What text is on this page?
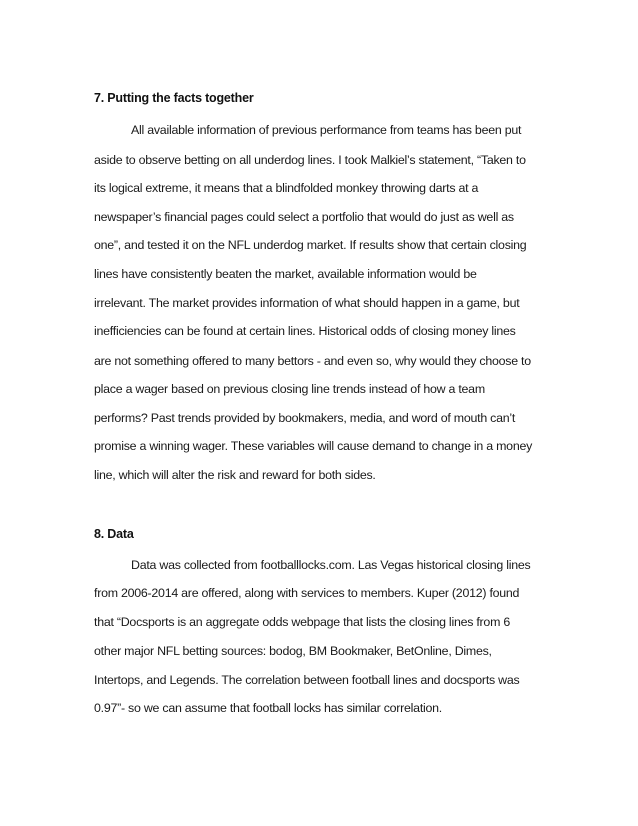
7. Putting the facts together
All available information of previous performance from teams has been put
aside to observe betting on all underdog lines. I took Malkiel’s statement, “Taken to
its logical extreme, it means that a blindfolded monkey throwing darts at a
newspaper’s financial pages could select a portfolio that would do just as well as
one”, and tested it on the NFL underdog market. If results show that certain closing
lines have consistently beaten the market, available information would be
irrelevant. The market provides information of what should happen in a game, but
inefficiencies can be found at certain lines. Historical odds of closing money lines
are not something offered to many bettors - and even so, why would they choose to
place a wager based on previous closing line trends instead of how a team
performs? Past trends provided by bookmakers, media, and word of mouth can’t
promise a winning wager. These variables will cause demand to change in a money
line, which will alter the risk and reward for both sides.
8. Data
Data was collected from footballlocks.com. Las Vegas historical closing lines
from 2006-2014 are offered, along with services to members. Kuper (2012) found
that “Docsports is an aggregate odds webpage that lists the closing lines from 6
other major NFL betting sources: bodog, BM Bookmaker, BetOnline, Dimes,
Intertops, and Legends. The correlation between football lines and docsports was
0.97”- so we can assume that football locks has similar correlation.
